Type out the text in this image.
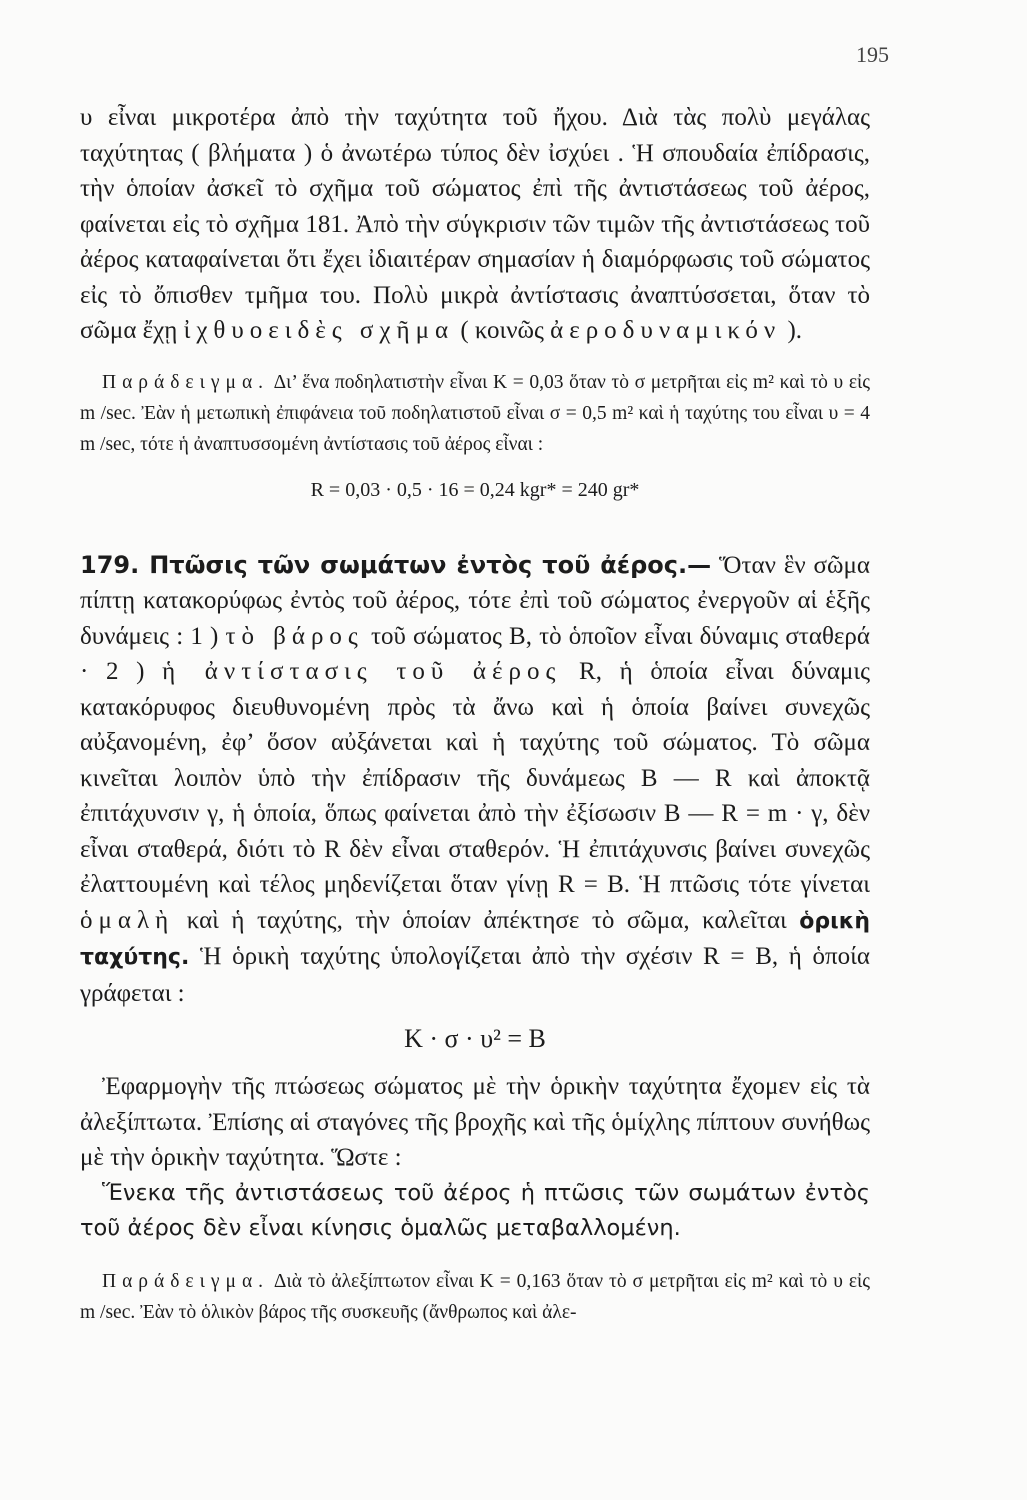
195

υ εἶναι μικροτέρα ἀπὸ τὴν ταχύτητα τοῦ ἤχου. Διὰ τὰς πολὺ μεγάλας ταχύτητας ( βλήματα ) ὁ ἀνωτέρω τύπος δὲν ἰσχύει . Ἡ σπουδαία ἐπίδρασις, τὴν ὁποίαν ἀσκεῖ τὸ σχῆμα τοῦ σώματος ἐπὶ τῆς ἀντιστάσεως τοῦ ἀέρος, φαίνεται εἰς τὸ σχῆμα 181. Ἀπὸ τὴν σύγκρισιν τῶν τιμῶν τῆς ἀντιστάσεως τοῦ ἀέρος καταφαίνεται ὅτι ἔχει ἰδιαιτέραν σημασίαν ἡ διαμόρφωσις τοῦ σώματος εἰς τὸ ὄπισθεν τμῆμα του. Πολὺ μικρὰ ἀντίστασις ἀναπτύσσεται, ὅταν τὸ σῶμα ἔχῃ ἰχθυοειδὲς σχῆμα ( κοινῶς ἀεροδυναμικόν ).

Παράδειγμα. Δι’ ἕνα ποδηλατιστὴν εἶναι K = 0,03 ὅταν τὸ σ μετρῆται εἰς m² καὶ τὸ υ εἰς m /sec. Ἐὰν ἡ μετωπικὴ ἐπιφάνεια τοῦ ποδηλατιστοῦ εἶναι σ = 0,5 m² καὶ ἡ ταχύτης του εἶναι υ = 4 m /sec, τότε ἡ ἀναπτυσσομένη ἀντίστασις τοῦ ἀέρος εἶναι :

R = 0,03 · 0,5 · 16 = 0,24 kgr* = 240 gr*

179. Πτῶσις τῶν σωμάτων ἐντὸς τοῦ ἀέρος.— Ὅταν ἓν σῶμα πίπτῃ κατακορύφως ἐντὸς τοῦ ἀέρος, τότε ἐπὶ τοῦ σώματος ἐνεργοῦν αἱ ἑξῆς δυνάμεις : 1 ) τὸ βάρος τοῦ σώματος B, τὸ ὁποῖον εἶναι δύναμις σταθερά · 2 ) ἡ ἀντίστασις τοῦ ἀέρος R, ἡ ὁποία εἶναι δύναμις κατακόρυφος διευθυνομένη πρὸς τὰ ἄνω καὶ ἡ ὁποία βαίνει συνεχῶς αὐξανομένη, ἐφ’ ὅσον αὐξάνεται καὶ ἡ ταχύτης τοῦ σώματος. Τὸ σῶμα κινεῖται λοιπὸν ὑπὸ τὴν ἐπίδρασιν τῆς δυνάμεως B — R καὶ ἀποκτᾷ ἐπιτάχυνσιν γ, ἡ ὁποία, ὅπως φαίνεται ἀπὸ τὴν ἐξίσωσιν B — R = m · γ, δὲν εἶναι σταθερά, διότι τὸ R δὲν εἶναι σταθερόν. Ἡ ἐπιτάχυνσις βαίνει συνεχῶς ἐλαττουμένη καὶ τέλος μηδενίζεται ὅταν γίνῃ R = B. Ἡ πτῶσις τότε γίνεται ὁμαλὴ καὶ ἡ ταχύτης, τὴν ὁποίαν ἀπέκτησε τὸ σῶμα, καλεῖται ὁρικὴ ταχύτης. Ἡ ὁρικὴ ταχύτης ὑπολογίζεται ἀπὸ τὴν σχέσιν R = B, ἡ ὁποία γράφεται :

K · σ · υ² = B

Ἐφαρμογὴν τῆς πτώσεως σώματος μὲ τὴν ὁρικὴν ταχύτητα ἔχομεν εἰς τὰ ἀλεξίπτωτα. Ἐπίσης αἱ σταγόνες τῆς βροχῆς καὶ τῆς ὁμίχλης πίπτουν συνήθως μὲ τὴν ὁρικὴν ταχύτητα. Ὥστε :

Ἕνεκα τῆς ἀντιστάσεως τοῦ ἀέρος ἡ πτῶσις τῶν σωμάτων ἐντὸς τοῦ ἀέρος δὲν εἶναι κίνησις ὁμαλῶς μεταβαλλομένη.

Παράδειγμα. Διὰ τὸ ἀλεξίπτωτον εἶναι K = 0,163 ὅταν τὸ σ μετρῆται εἰς m² καὶ τὸ υ εἰς m /sec. Ἐὰν τὸ ὁλικὸν βάρος τῆς συσκευῆς (ἄνθρωπος καὶ ἀλε-
